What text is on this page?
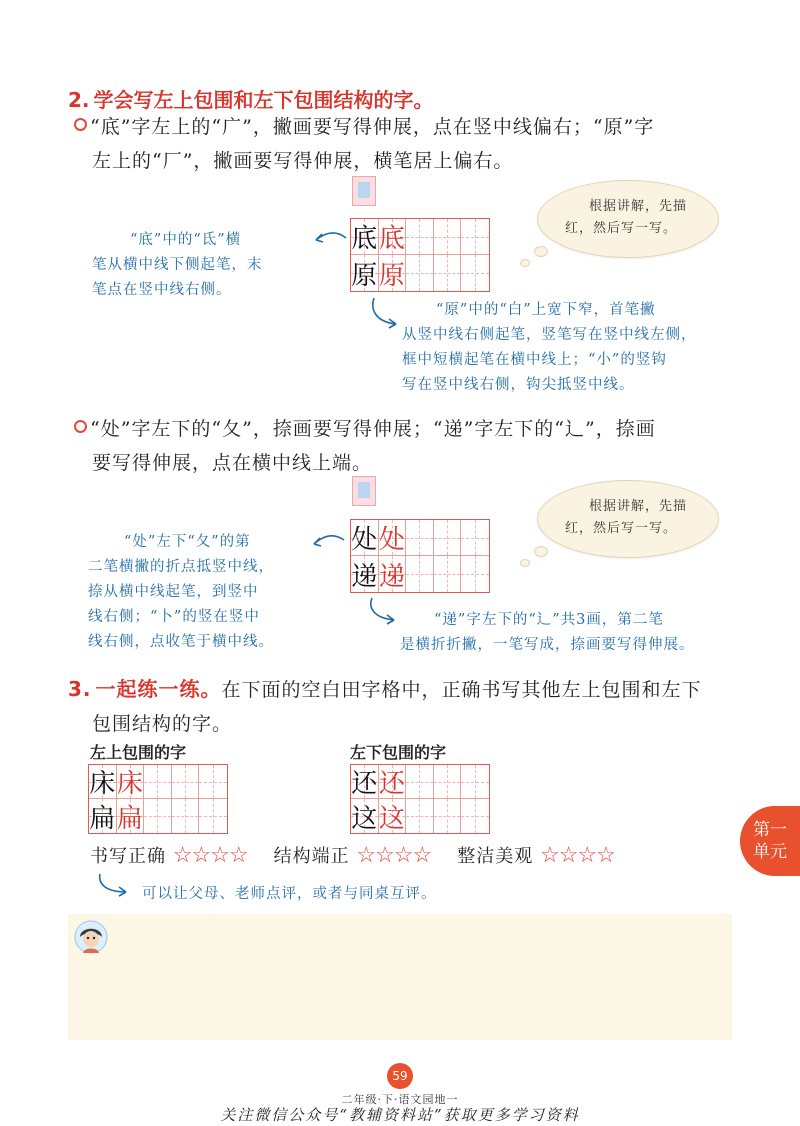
2. 学会写左上包围和左下包围结构的字。
“底”字左上的“广”，撇画要写得伸展，点在竖中线偏右；“原”字
左上的“厂”，撇画要写得伸展，横笔居上偏右。
底 底
原 原
“底”中的“氐”横
笔从横中线下侧起笔，末
笔点在竖中线右侧。
根据讲解，先描
红，然后写一写。
“原”中的“白”上宽下窄，首笔撇
从竖中线右侧起笔，竖笔写在竖中线左侧，
框中短横起笔在横中线上；“小”的竖钩
写在竖中线右侧，钩尖抵竖中线。
“处”字左下的“夂”，捺画要写得伸展；“递”字左下的“辶”，捺画
要写得伸展，点在横中线上端。
处 处
递 递
“处”左下“夂”的第
二笔横撇的折点抵竖中线，
捺从横中线起笔，到竖中
线右侧；“卜”的竖在竖中
线右侧，点收笔于横中线。
根据讲解，先描
红，然后写一写。
“递”字左下的“辶”共3画，第二笔
是横折折撇，一笔写成，捺画要写得伸展。
3. 一起练一练。在下面的空白田字格中，正确书写其他左上包围和左下
包围结构的字。
左上包围的字	左下包围的字
床 床
扁 扁
还 还
这 这
书写正确 ☆☆☆☆ 结构端正 ☆☆☆☆ 整洁美观 ☆☆☆☆
可以让父母、老师点评，或者与同桌互评。
第一
单元
59
二年级·下·语文园地一
关注微信公众号“教辅资料站”获取更多学习资料
